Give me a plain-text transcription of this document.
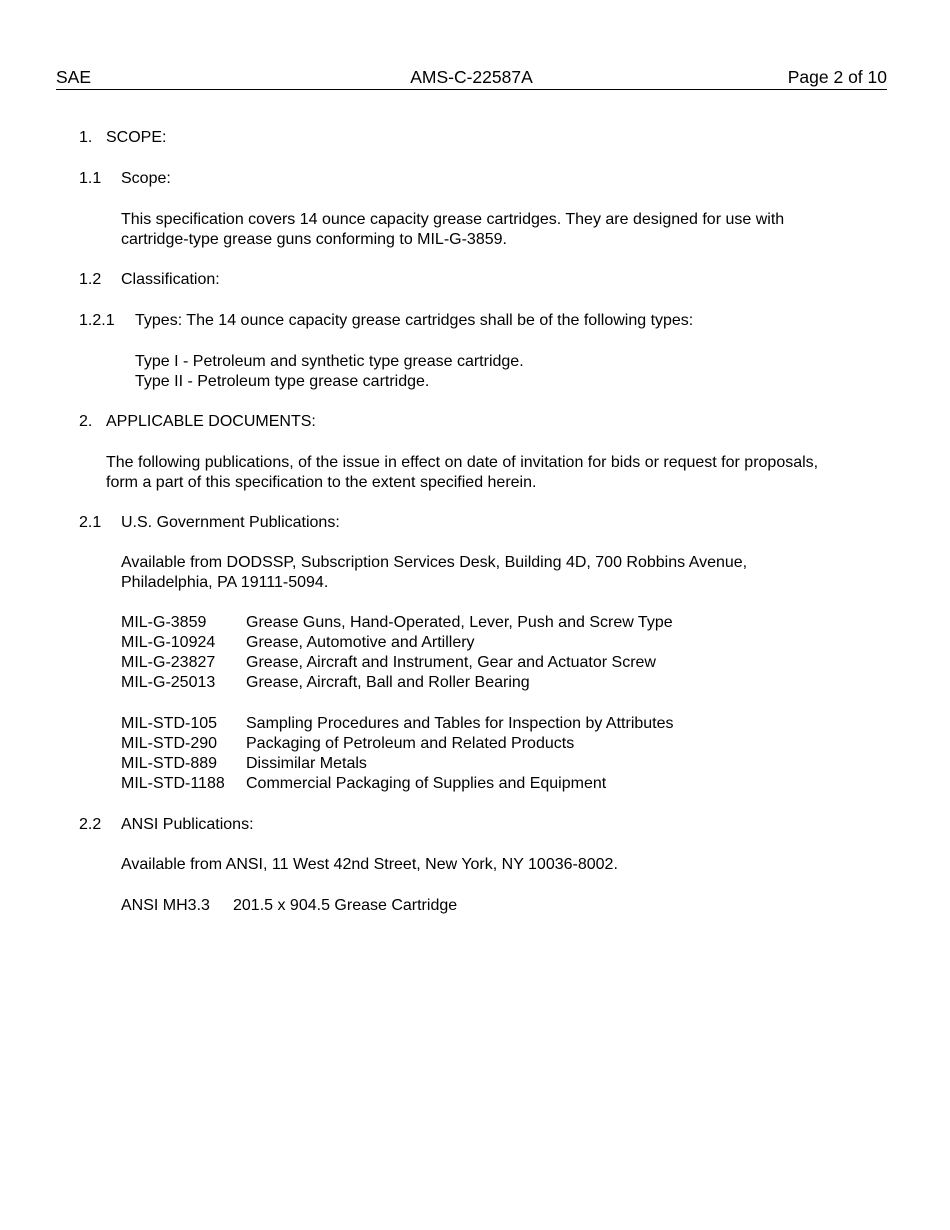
SAE	AMS-C-22587A	Page 2 of 10
1. SCOPE:
1.1 Scope:
This specification covers 14 ounce capacity grease cartridges. They are designed for use with
cartridge-type grease guns conforming to MIL-G-3859.
1.2 Classification:
1.2.1 Types: The 14 ounce capacity grease cartridges shall be of the following types:
Type I - Petroleum and synthetic type grease cartridge.
Type II - Petroleum type grease cartridge.
2. APPLICABLE DOCUMENTS:
The following publications, of the issue in effect on date of invitation for bids or request for proposals,
form a part of this specification to the extent specified herein.
2.1 U.S. Government Publications:
Available from DODSSP, Subscription Services Desk, Building 4D, 700 Robbins Avenue,
Philadelphia, PA 19111-5094.
MIL-G-3859 Grease Guns, Hand-Operated, Lever, Push and Screw Type
MIL-G-10924 Grease, Automotive and Artillery
MIL-G-23827 Grease, Aircraft and Instrument, Gear and Actuator Screw
MIL-G-25013 Grease, Aircraft, Ball and Roller Bearing
MIL-STD-105 Sampling Procedures and Tables for Inspection by Attributes
MIL-STD-290 Packaging of Petroleum and Related Products
MIL-STD-889 Dissimilar Metals
MIL-STD-1188 Commercial Packaging of Supplies and Equipment
2.2 ANSI Publications:
Available from ANSI, 11 West 42nd Street, New York, NY 10036-8002.
ANSI MH3.3 201.5 x 904.5 Grease Cartridge
